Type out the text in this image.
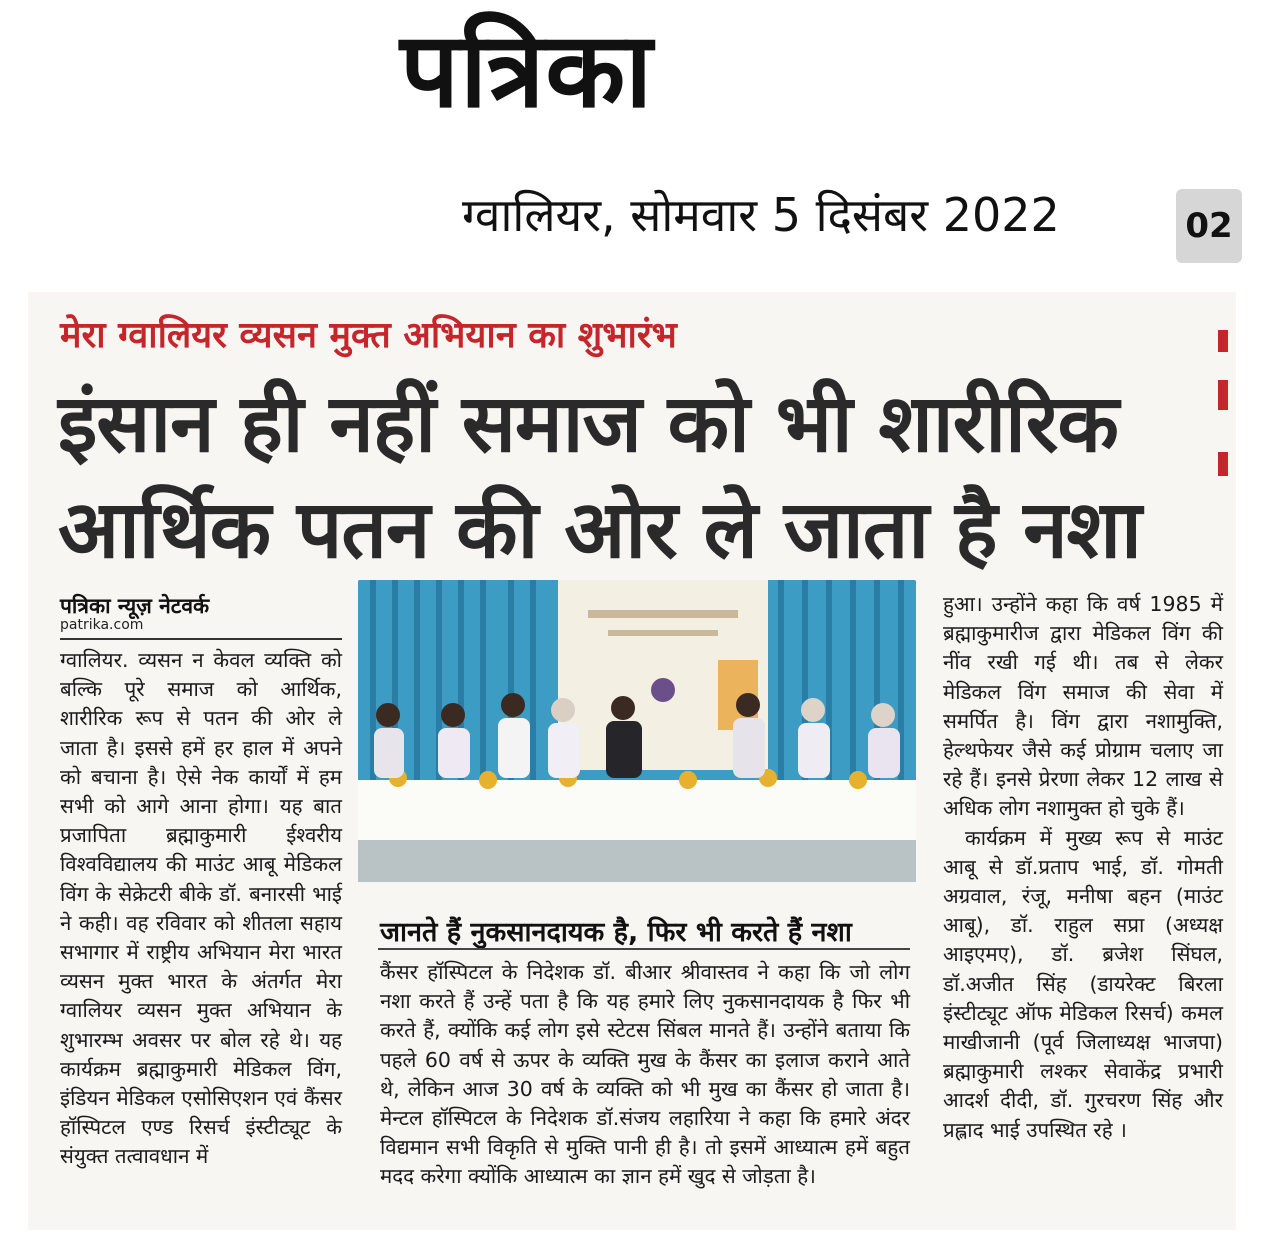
पत्रिका
ग्वालियर, सोमवार 5 दिसंबर 2022	02
मेरा ग्वालियर व्यसन मुक्त अभियान का शुभारंभ
इंसान ही नहीं समाज को भी शारीरिक
आर्थिक पतन की ओर ले जाता है नशा
पत्रिका न्यूज़ नेटवर्क
patrika.com

ग्वालियर. व्यसन न केवल व्यक्ति को बल्कि पूरे समाज को आर्थिक, शारीरिक रूप से पतन की ओर ले जाता है। इससे हमें हर हाल में अपने को बचाना है। ऐसे नेक कार्यों में हम सभी को आगे आना होगा। यह बात प्रजापिता ब्रह्माकुमारी ईश्वरीय विश्वविद्यालय की माउंट आबू मेडिकल विंग के सेक्रेटरी बीके डॉ. बनारसी भाई ने कही। वह रविवार को शीतला सहाय सभागार में राष्ट्रीय अभियान मेरा भारत व्यसन मुक्त भारत के अंतर्गत मेरा ग्वालियर व्यसन मुक्त अभियान के शुभारम्भ अवसर पर बोल रहे थे। यह कार्यक्रम ब्रह्माकुमारी मेडिकल विंग, इंडियन मेडिकल एसोसिएशन एवं कैंसर हॉस्पिटल एण्ड रिसर्च इंस्टीट्यूट के संयुक्त तत्वावधान में

जानते हैं नुकसानदायक है, फिर भी करते हैं नशा

कैंसर हॉस्पिटल के निदेशक डॉ. बीआर श्रीवास्तव ने कहा कि जो लोग नशा करते हैं उन्हें पता है कि यह हमारे लिए नुकसानदायक है फिर भी करते हैं, क्योंकि कई लोग इसे स्टेटस सिंबल मानते हैं। उन्होंने बताया कि पहले 60 वर्ष से ऊपर के व्यक्ति मुख के कैंसर का इलाज कराने आते थे, लेकिन आज 30 वर्ष के व्यक्ति को भी मुख का कैंसर हो जाता है। मेन्टल हॉस्पिटल के निदेशक डॉ.संजय लहारिया ने कहा कि हमारे अंदर विद्यमान सभी विकृति से मुक्ति पानी ही है। तो इसमें आध्यात्म हमें बहुत मदद करेगा क्योंकि आध्यात्म का ज्ञान हमें खुद से जोड़ता है।

हुआ। उन्होंने कहा कि वर्ष 1985 में ब्रह्माकुमारीज द्वारा मेडिकल विंग की नींव रखी गई थी। तब से लेकर मेडिकल विंग समाज की सेवा में समर्पित है। विंग द्वारा नशामुक्ति, हेल्थफेयर जैसे कई प्रोग्राम चलाए जा रहे हैं। इनसे प्रेरणा लेकर 12 लाख से अधिक लोग नशामुक्त हो चुके हैं।

कार्यक्रम में मुख्य रूप से माउंट आबू से डॉ.प्रताप भाई, डॉ. गोमती अग्रवाल, रंजू, मनीषा बहन (माउंट आबू), डॉ. राहुल सप्रा (अध्यक्ष आइएमए), डॉ. ब्रजेश सिंघल, डॉ.अजीत सिंह (डायरेक्ट बिरला इंस्टीट्यूट ऑफ मेडिकल रिसर्च) कमल माखीजानी (पूर्व जिलाध्यक्ष भाजपा) ब्रह्माकुमारी लश्कर सेवाकेंद्र प्रभारी आदर्श दीदी, डॉ. गुरचरण सिंह और प्रह्लाद भाई उपस्थित रहे ।
